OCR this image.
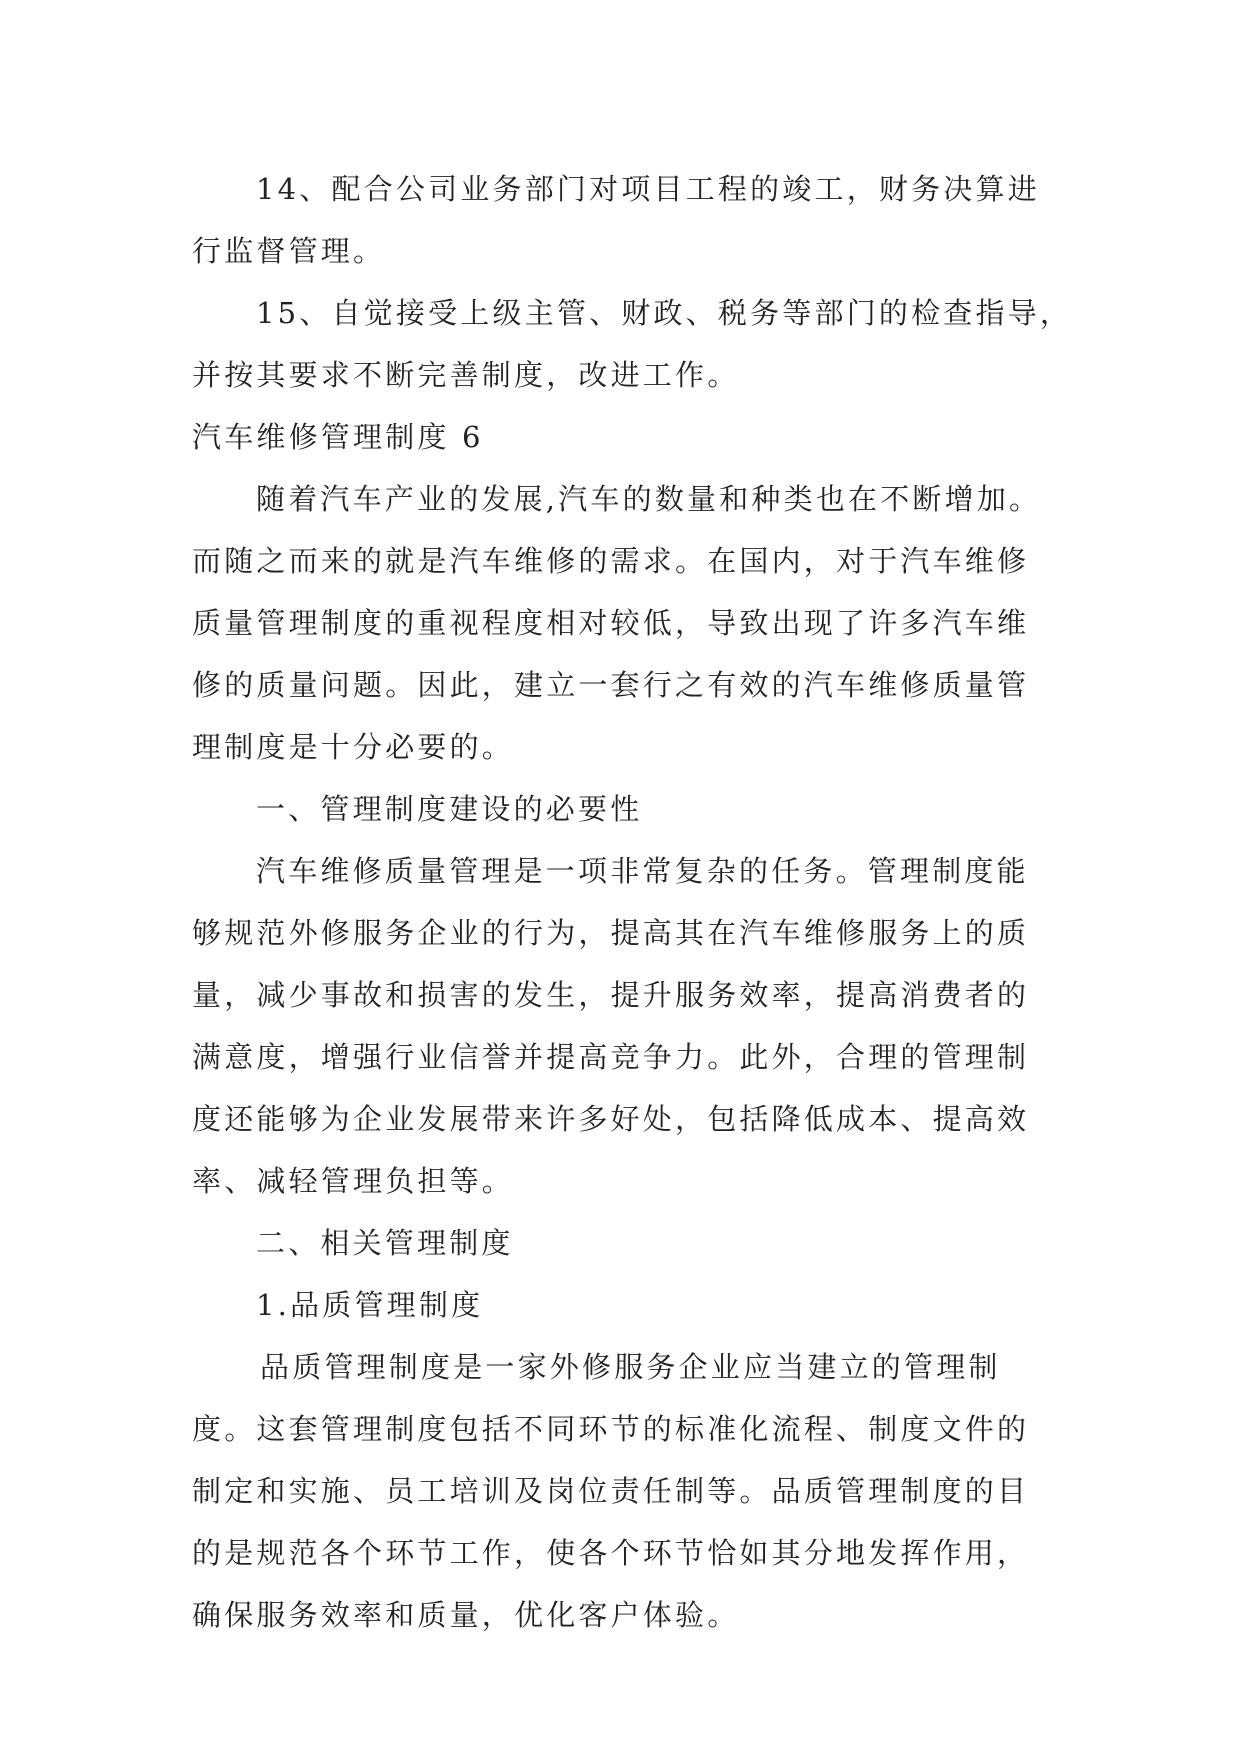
14、配合公司业务部门对项目工程的竣工，财务决算进
行监督管理。
15、自觉接受上级主管、财政、税务等部门的检查指导，
并按其要求不断完善制度，改进工作。
汽车维修管理制度 6
随着汽车产业的发展,汽车的数量和种类也在不断增加。
而随之而来的就是汽车维修的需求。在国内，对于汽车维修
质量管理制度的重视程度相对较低，导致出现了许多汽车维
修的质量问题。因此，建立一套行之有效的汽车维修质量管
理制度是十分必要的。
一、管理制度建设的必要性
汽车维修质量管理是一项非常复杂的任务。管理制度能
够规范外修服务企业的行为，提高其在汽车维修服务上的质
量，减少事故和损害的发生，提升服务效率，提高消费者的
满意度，增强行业信誉并提高竞争力。此外，合理的管理制
度还能够为企业发展带来许多好处，包括降低成本、提高效
率、减轻管理负担等。
二、相关管理制度
1.品质管理制度
品质管理制度是一家外修服务企业应当建立的管理制
度。这套管理制度包括不同环节的标准化流程、制度文件的
制定和实施、员工培训及岗位责任制等。品质管理制度的目
的是规范各个环节工作，使各个环节恰如其分地发挥作用，
确保服务效率和质量，优化客户体验。
